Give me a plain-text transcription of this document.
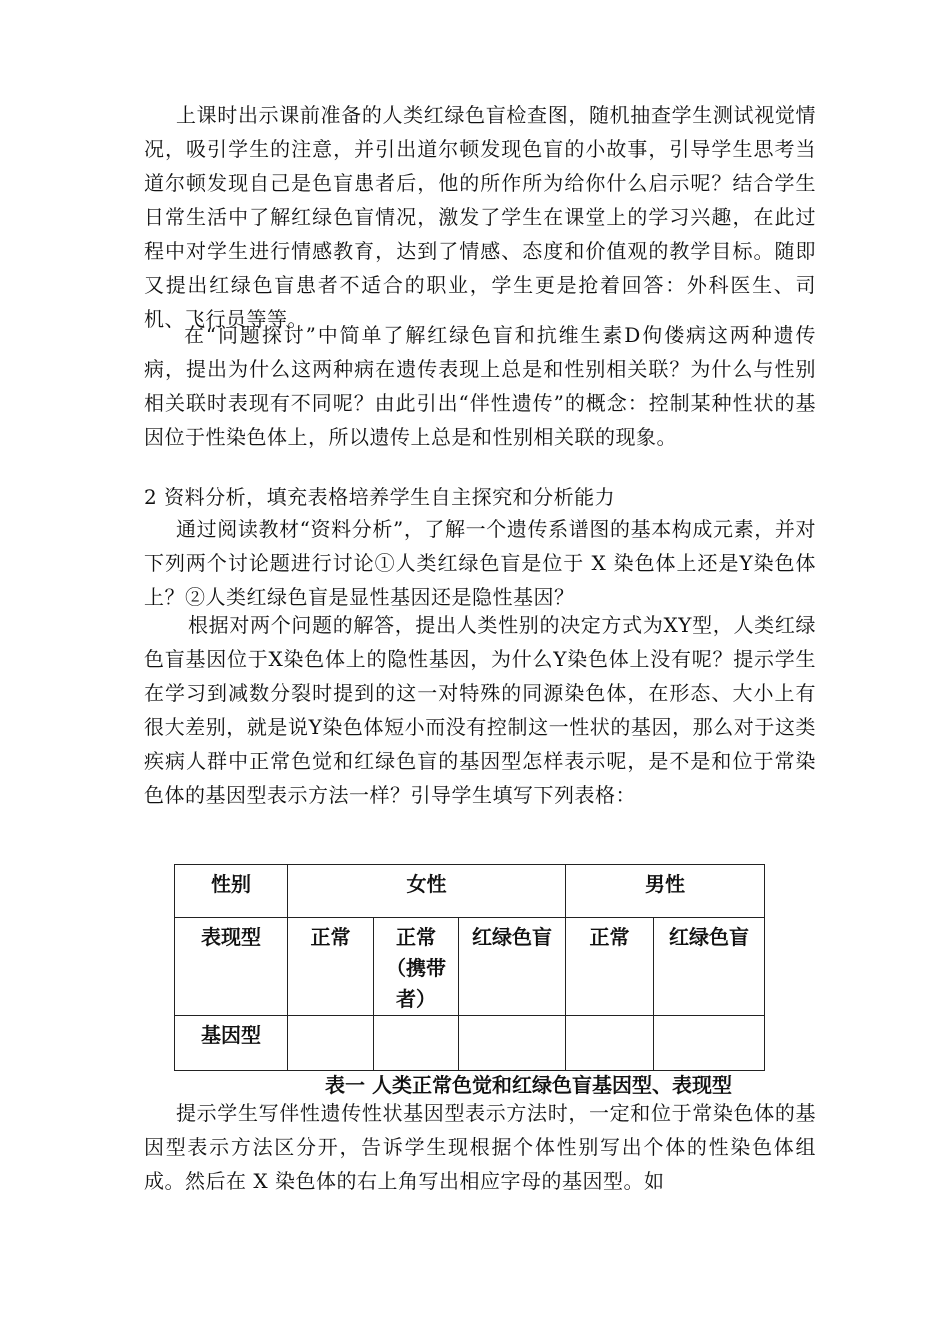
上课时出示课前准备的人类红绿色盲检查图，随机抽查学生测试视觉情况，吸引学生的注意，并引出道尔顿发现色盲的小故事，引导学生思考当道尔顿发现自己是色盲患者后，他的所作所为给你什么启示呢？结合学生日常生活中了解红绿色盲情况，激发了学生在课堂上的学习兴趣，在此过程中对学生进行情感教育，达到了情感、态度和价值观的教学目标。随即又提出红绿色盲患者不适合的职业，学生更是抢着回答：外科医生、司机、飞行员等等。
在“问题探讨”中简单了解红绿色盲和抗维生素D佝偻病这两种遗传病，提出为什么这两种病在遗传表现上总是和性别相关联？为什么与性别相关联时表现有不同呢？由此引出“伴性遗传”的概念：控制某种性状的基因位于性染色体上，所以遗传上总是和性别相关联的现象。
2 资料分析，填充表格培养学生自主探究和分析能力
通过阅读教材“资料分析”，了解一个遗传系谱图的基本构成元素，并对下列两个讨论题进行讨论①人类红绿色盲是位于 X 染色体上还是Y染色体上？②人类红绿色盲是显性基因还是隐性基因？
根据对两个问题的解答，提出人类性别的决定方式为XY型，人类红绿色盲基因位于X染色体上的隐性基因，为什么Y染色体上没有呢？提示学生在学习到减数分裂时提到的这一对特殊的同源染色体，在形态、大小上有很大差别，就是说Y染色体短小而没有控制这一性状的基因，那么对于这类疾病人群中正常色觉和红绿色盲的基因型怎样表示呢，是不是和位于常染色体的基因型表示方法一样？引导学生填写下列表格：
性别	女性			男性	
表现型	正常	正常（携带者）	红绿色盲	正常	红绿色盲
基因型					
表一 人类正常色觉和红绿色盲基因型、表现型
提示学生写伴性遗传性状基因型表示方法时，一定和位于常染色体的基因型表示方法区分开，告诉学生现根据个体性别写出个体的性染色体组成。然后在 X 染色体的右上角写出相应字母的基因型。如
